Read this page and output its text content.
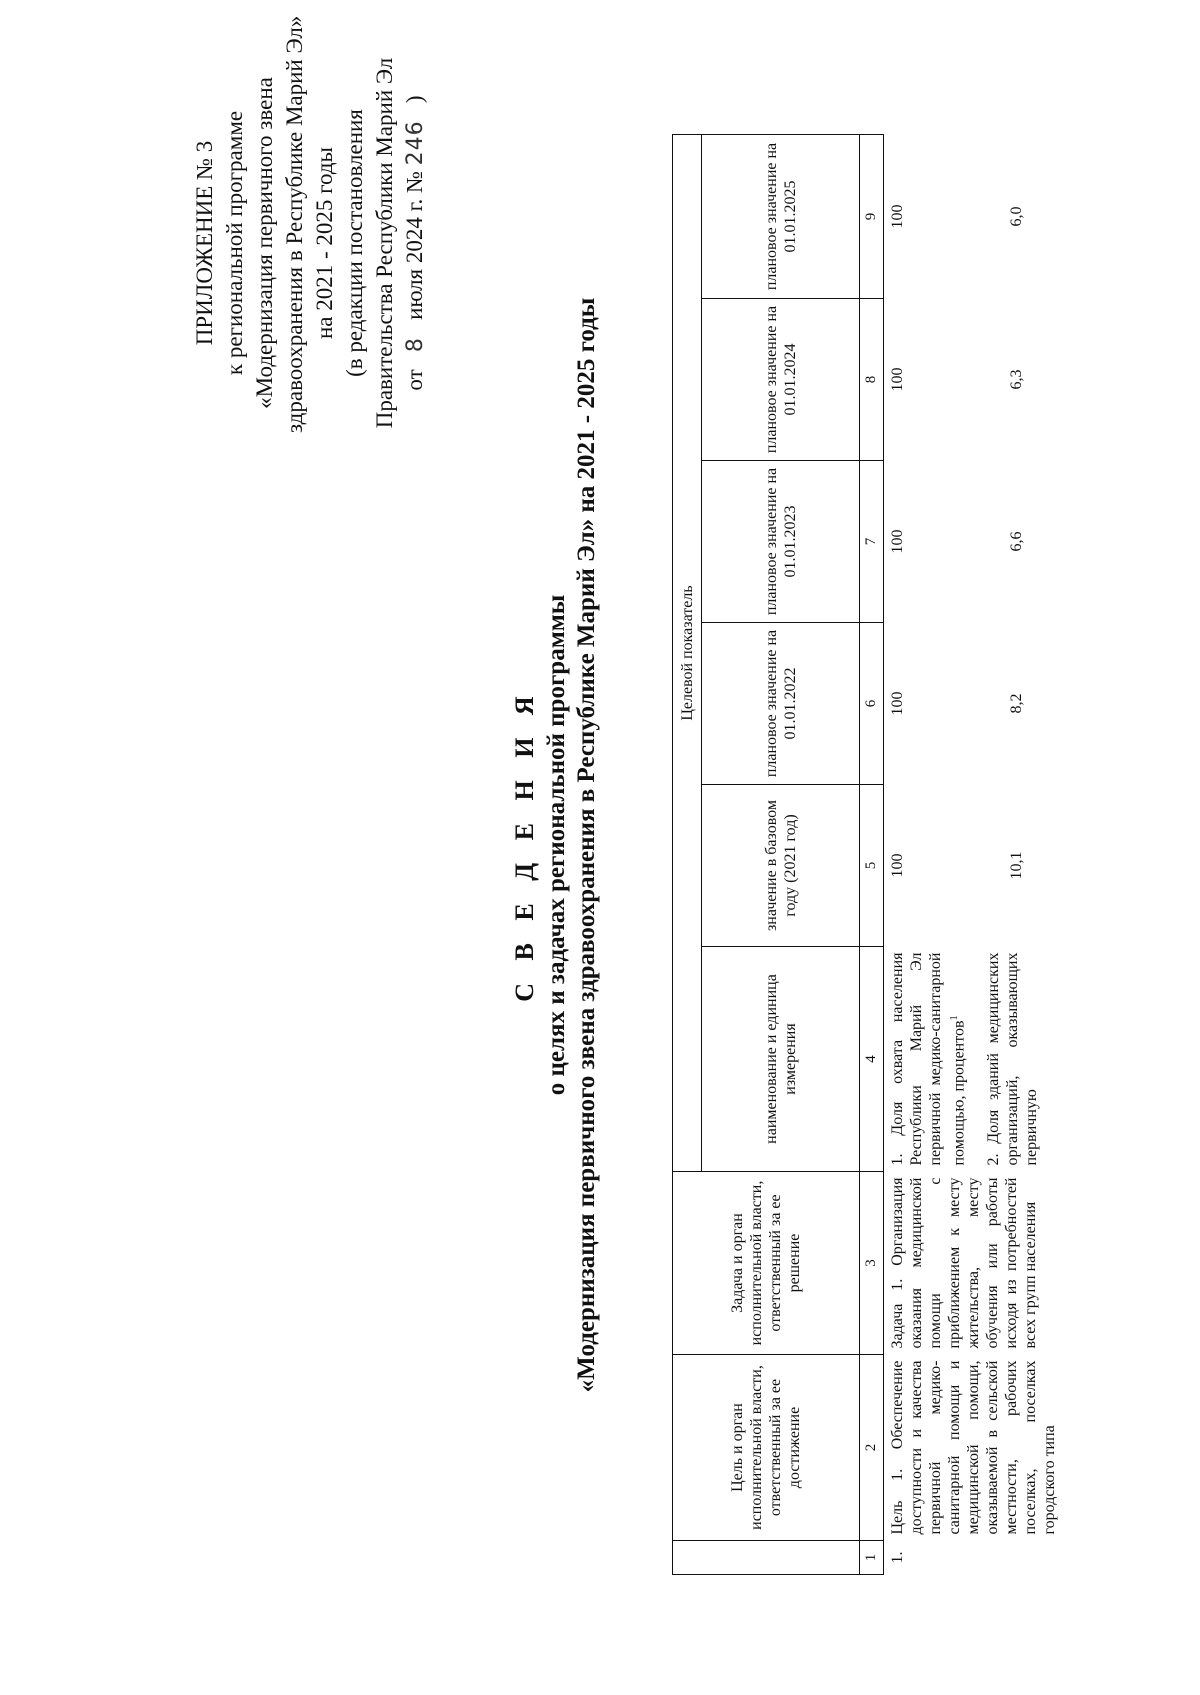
ПРИЛОЖЕНИЕ № 3 к региональной программе «Модернизация первичного звена здравоохранения в Республике Марий Эл» на 2021 - 2025 годы (в редакции постановления Правительства Республики Марий Эл от   8   июля 2024 г. № 246   )
С В Е Д Е Н И Я о целях и задачах региональной программы «Модернизация первичного звена здравоохранения в Республике Марий Эл» на 2021 - 2025 годы
	Цель и орган исполнительной власти, ответственный за ее достижение	Задача и орган исполнительной власти, ответственный за ее решение	Целевой показатель					
			наименование и единица измерения	значение в базовом году (2021 год)	плановое значение на 01.01.2022	плановое значение на 01.01.2023	плановое значение на 01.01.2024	плановое значение на 01.01.2025
1	2	3	4	5	6	7	8	9
1.	Цель 1. Обеспечение доступности и качества первичной медико-санитарной помощи и медицинской помощи, оказываемой в сельской местности, рабочих поселках, поселках городского типа	Задача 1. Организация оказания медицинской помощи с приближением к месту жительства, месту обучения или работы исходя из потребностей всех групп населения	1. Доля охвата населения Республики Марий Эл первичной медико-санитарной помощью, процентов$^1$ 2. Доля зданий медицинских организаций, оказывающих первичную	100 10,1	100 8,2	100 6,6	100 6,3	100 6,0
